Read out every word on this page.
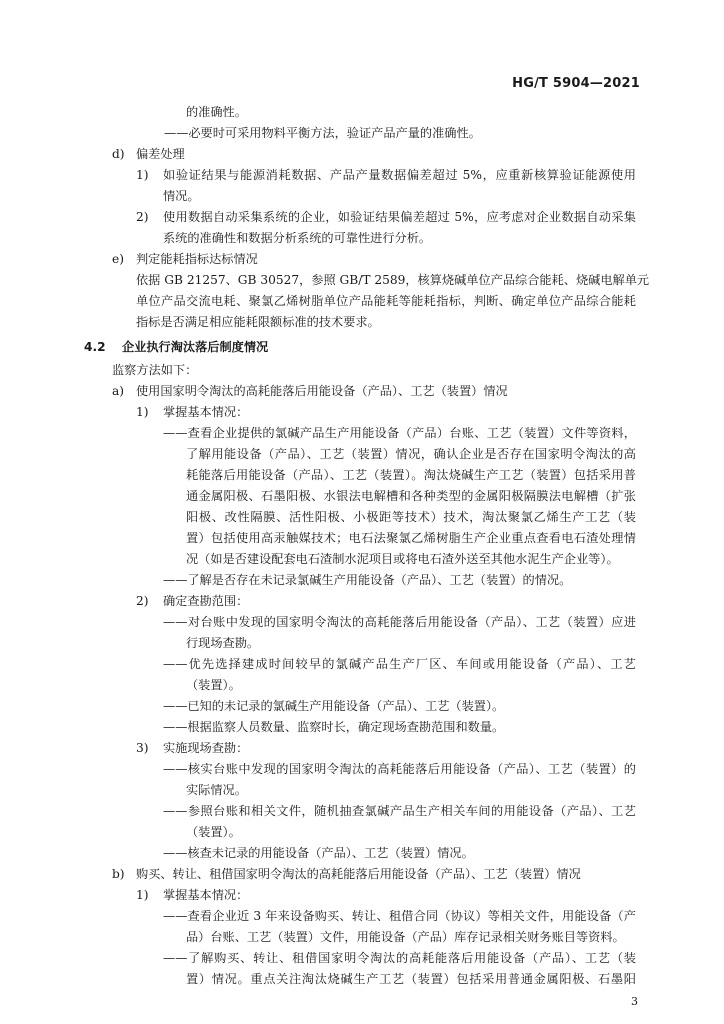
HG/T 5904—2021
的准确性。
——必要时可采用物料平衡方法，验证产品产量的准确性。
d) 偏差处理
1) 如验证结果与能源消耗数据、产品产量数据偏差超过 5%，应重新核算验证能源使用
情况。
2) 使用数据自动采集系统的企业，如验证结果偏差超过 5%，应考虑对企业数据自动采集
系统的准确性和数据分析系统的可靠性进行分析。
e) 判定能耗指标达标情况
依据 GB 21257、GB 30527，参照 GB/T 2589，核算烧碱单位产品综合能耗、烧碱电解单元
单位产品交流电耗、聚氯乙烯树脂单位产品能耗等能耗指标，判断、确定单位产品综合能耗
指标是否满足相应能耗限额标准的技术要求。
4.2 企业执行淘汰落后制度情况
监察方法如下：
a) 使用国家明令淘汰的高耗能落后用能设备（产品）、工艺（装置）情况
1) 掌握基本情况：
——查看企业提供的氯碱产品生产用能设备（产品）台账、工艺（装置）文件等资料，
了解用能设备（产品）、工艺（装置）情况，确认企业是否存在国家明令淘汰的高
耗能落后用能设备（产品）、工艺（装置）。淘汰烧碱生产工艺（装置）包括采用普
通金属阳极、石墨阳极、水银法电解槽和各种类型的金属阳极隔膜法电解槽（扩张
阳极、改性隔膜、活性阳极、小极距等技术）技术，淘汰聚氯乙烯生产工艺（装
置）包括使用高汞触媒技术；电石法聚氯乙烯树脂生产企业重点查看电石渣处理情
况（如是否建设配套电石渣制水泥项目或将电石渣外送至其他水泥生产企业等）。
——了解是否存在未记录氯碱生产用能设备（产品）、工艺（装置）的情况。
2) 确定查勘范围：
——对台账中发现的国家明令淘汰的高耗能落后用能设备（产品）、工艺（装置）应进
行现场查勘。
——优先选择建成时间较早的氯碱产品生产厂区、车间或用能设备（产品）、工艺
（装置）。
——已知的未记录的氯碱生产用能设备（产品）、工艺（装置）。
——根据监察人员数量、监察时长，确定现场查勘范围和数量。
3) 实施现场查勘：
——核实台账中发现的国家明令淘汰的高耗能落后用能设备（产品）、工艺（装置）的
实际情况。
——参照台账和相关文件，随机抽查氯碱产品生产相关车间的用能设备（产品）、工艺
（装置）。
——核查未记录的用能设备（产品）、工艺（装置）情况。
b) 购买、转让、租借国家明令淘汰的高耗能落后用能设备（产品）、工艺（装置）情况
1) 掌握基本情况：
——查看企业近 3 年来设备购买、转让、租借合同（协议）等相关文件，用能设备（产
品）台账、工艺（装置）文件，用能设备（产品）库存记录相关财务账目等资料。
——了解购买、转让、租借国家明令淘汰的高耗能落后用能设备（产品）、工艺（装
置）情况。重点关注淘汰烧碱生产工艺（装置）包括采用普通金属阳极、石墨阳
3
